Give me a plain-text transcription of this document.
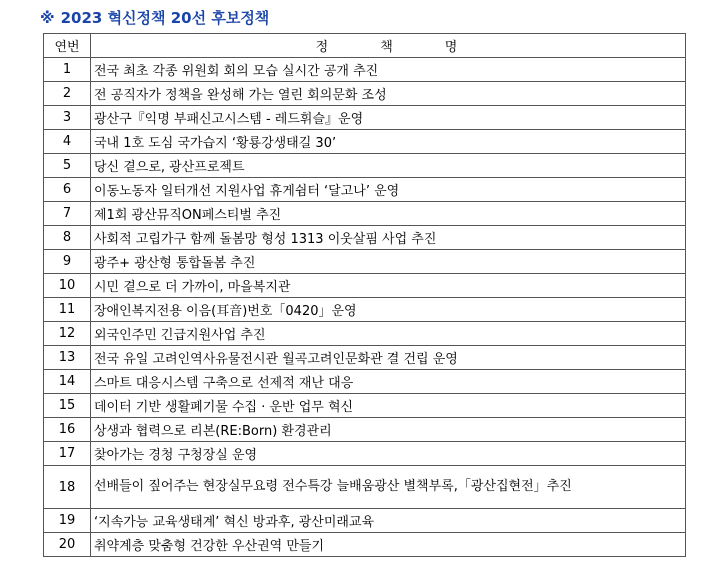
※ 2023 혁신정책 20선 후보정책
연번	정책명
1	전국 최초 각종 위원회 회의 모습 실시간 공개 추진
2	전 공직자가 정책을 완성해 가는 열린 회의문화 조성
3	광산구『익명 부패신고시스템 - 레드휘슬』운영
4	국내 1호 도심 국가습지 ‘황룡강생태길 30’
5	당신 곁으로, 광산프로젝트
6	이동노동자 일터개선 지원사업 휴게쉼터 ‘달고나’ 운영
7	제1회 광산뮤직ON페스티벌 추진
8	사회적 고립가구 함께 돌봄망 형성 1313 이웃살핌 사업 추진
9	광주+ 광산형 통합돌봄 추진
10	시민 곁으로 더 가까이, 마을복지관
11	장애인복지전용 이음(耳音)번호「0420」운영
12	외국인주민 긴급지원사업 추진
13	전국 유일 고려인역사유물전시관 월곡고려인문화관 결 건립 운영
14	스마트 대응시스템 구축으로 선제적 재난 대응
15	데이터 기반 생활폐기물 수집 · 운반 업무 혁신
16	상생과 협력으로 리본(RE:Born) 환경관리
17	찾아가는 경청 구청장실 운영
18	선배들이 짚어주는 현장실무요령 전수특강 늘배움광산 별책부록,「광산집현전」추진
19	‘지속가능 교육생태계’ 혁신 방과후, 광산미래교육
20	취약계층 맞춤형 건강한 우산권역 만들기
